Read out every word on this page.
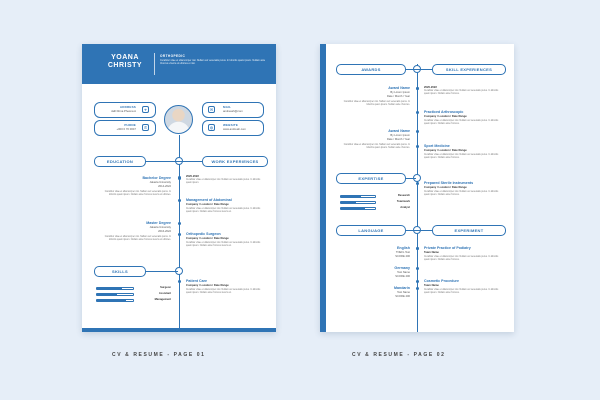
YOANA
CHRISTY
ORTHOPEDIC
Curabitur vitae et ullamcorper nisi. Nullam vel venenatis purus. In lobortis quam ipsum. Nullam ante rhoncus viverra ut ultricies et nisi.
ADDRESS
Jalil Dirna Phesna A	⌖
PHONE
+000 0 70 0047	✆
✉	MAIL
andreash@com
◍	WEBSITE
www.andreah.com
EDUCATION	WORK EXPERIENCES
Bachelor Degree
Jakarta University
2014-2022
Curabitur vitae et ullamcorper nisi. Nullam vel venenatis purus. In lobortis quam ipsum. Nullam ante rhoncus viverra ut ultricies.
Master Degree
Jakarta University
2016-2022
Curabitur vitae et ullamcorper nisi. Nullam vel venenatis purus. In lobortis quam ipsum. Nullam ante rhoncus viverra ut ultricies.
SKILLS
Surgeon
Assistant
Management
2020-2022
Curabitur vitae et ullamcorper nisi. Nullam vel venenatis purus. In lobortis quam ipsum.
Management of Abdominal
Company / Location / Date Range
Curabitur vitae et ullamcorper nisi. Nullam vel venenatis purus. In lobortis quam ipsum. Nullam ante rhoncus viverra ut.
Orthopedic Surgeon
Company / Location / Date Range
Curabitur vitae et ullamcorper nisi. Nullam vel venenatis purus. In lobortis quam ipsum. Nullam ante rhoncus viverra ut.
Patient Care
Company / Location / Date Range
Curabitur vitae et ullamcorper nisi. Nullam vel venenatis purus. In lobortis quam ipsum. Nullam ante rhoncus viverra ut.
CV & RESUME - PAGE 01
AWARDS	SKILL EXPERIENCES
Award Name
By Lorem Ipsum
Date / Month / Year
Curabitur vitae et ullamcorper nisi. Nullam vel venenatis purus. In lobortis quam ipsum. Nullam ante rhoncus.
Award Name
By Lorem Ipsum
Date / Month / Year
Curabitur vitae et ullamcorper nisi. Nullam vel venenatis purus. In lobortis quam ipsum. Nullam ante rhoncus.
EXPERTISE
Research
Teamwork
Analyst
LANGUAGE	EXPERIMENT
English
TOEFL Test
SCORE 400
Germany
Test Name
SCORE 400
Mandarin
Test Name
SCORE 400
2020-2022
Curabitur vitae et ullamcorper nisi. Nullam vel venenatis purus. In lobortis quam ipsum. Nullam ante rhoncus.
Practiced Arthroscopic
Company / Location / Date Range
Curabitur vitae et ullamcorper nisi. Nullam vel venenatis purus. In lobortis quam ipsum. Nullam ante rhoncus.
Sport Medicine
Company / Location / Date Range
Curabitur vitae et ullamcorper nisi. Nullam vel venenatis purus. In lobortis quam ipsum. Nullam ante rhoncus.
Prepared Sterile Instruments
Company / Location / Date Range
Curabitur vitae et ullamcorper nisi. Nullam vel venenatis purus. In lobortis quam ipsum. Nullam ante rhoncus.
Private Practice of Podiatry
Team Name
Curabitur vitae et ullamcorper nisi. Nullam vel venenatis purus. In lobortis quam ipsum. Nullam ante rhoncus.
Cosmetic Procedure
Team Name
Curabitur vitae et ullamcorper nisi. Nullam vel venenatis purus. In lobortis quam ipsum. Nullam ante rhoncus.
CV & RESUME - PAGE 02
